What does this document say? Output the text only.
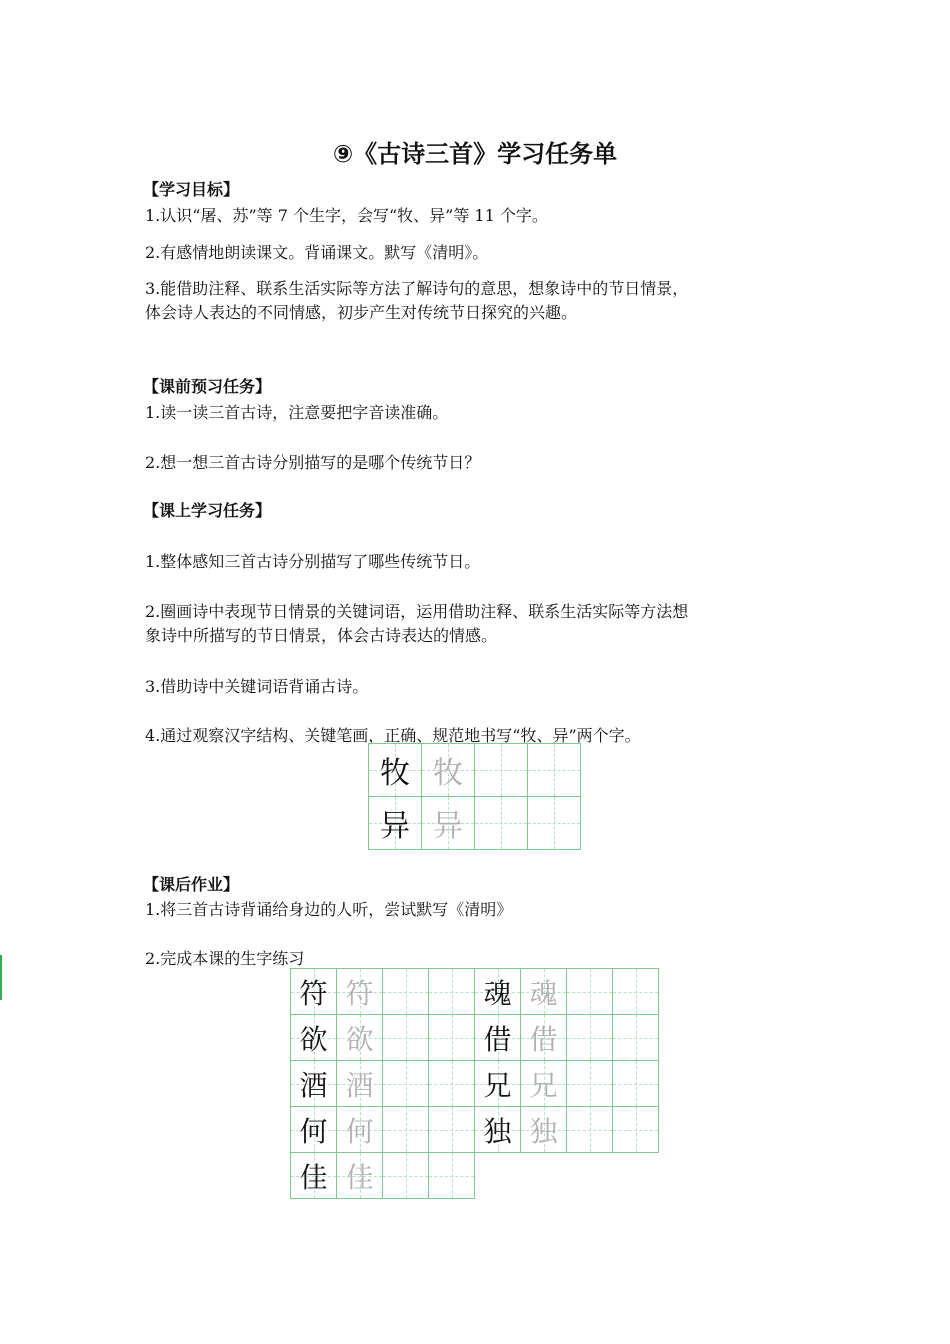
⑨《古诗三首》学习任务单
【学习目标】
1.认识“屠、苏”等 7 个生字，会写“牧、异”等 11 个字。
2.有感情地朗读课文。背诵课文。默写《清明》。
3.能借助注释、联系生活实际等方法了解诗句的意思，想象诗中的节日情景，
体会诗人表达的不同情感，初步产生对传统节日探究的兴趣。
【课前预习任务】
1.读一读三首古诗，注意要把字音读准确。
2.想一想三首古诗分别描写的是哪个传统节日？
【课上学习任务】
1.整体感知三首古诗分别描写了哪些传统节日。
2.圈画诗中表现节日情景的关键词语，运用借助注释、联系生活实际等方法想
象诗中所描写的节日情景，体会古诗表达的情感。
3.借助诗中关键词语背诵古诗。
4.通过观察汉字结构、关键笔画，正确、规范地书写“牧、异”两个字。
牧	牧		

异	异		

【课后作业】
1.将三首古诗背诵给身边的人听，尝试默写《清明》
2.完成本课的生字练习
符	符		

欲	欲		

酒	酒		

何	何		

佳	佳		

魂	魂		

借	借		

兄	兄		

独	独		
